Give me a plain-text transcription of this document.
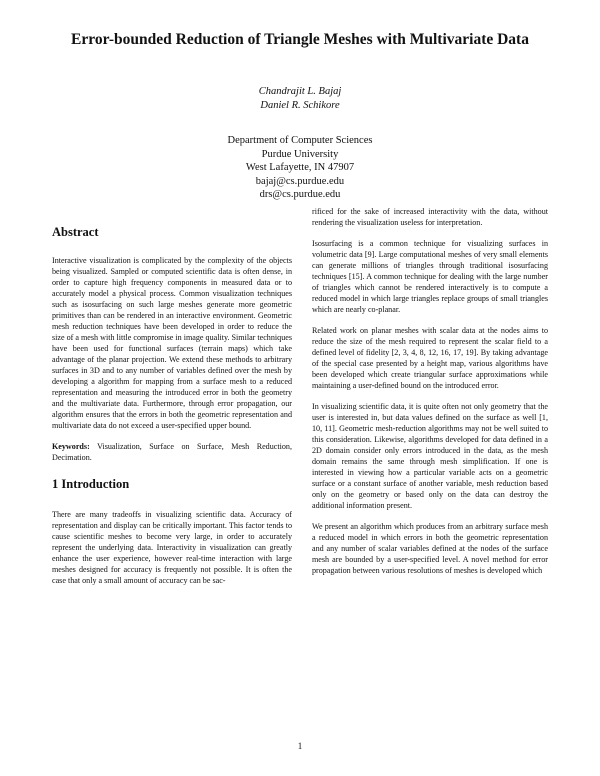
Error-bounded Reduction of Triangle Meshes with Multivariate Data
Chandrajit L. Bajaj
Daniel R. Schikore
Department of Computer Sciences
Purdue University
West Lafayette, IN 47907
bajaj@cs.purdue.edu
drs@cs.purdue.edu
Abstract

Interactive visualization is complicated by the complexity of the objects being visualized. Sampled or computed scientific data is often dense, in order to capture high frequency components in measured data or to accurately model a physical process. Common visualization techniques such as isosurfacing on such large meshes generate more geometric primitives than can be rendered in an interactive environment. Geometric mesh reduction techniques have been developed in order to reduce the size of a mesh with little compromise in image quality. Similar techniques have been used for functional surfaces (terrain maps) which take advantage of the planar projection. We extend these methods to arbitrary surfaces in 3D and to any number of variables defined over the mesh by developing a algorithm for mapping from a surface mesh to a reduced representation and measuring the introduced error in both the geometry and the multivariate data. Furthermore, through error propagation, our algorithm ensures that the errors in both the geometric representation and multivariate data do not exceed a user-specified upper bound.

Keywords: Visualization, Surface on Surface, Mesh Reduction, Decimation.

1 Introduction

There are many tradeoffs in visualizing scientific data. Accuracy of representation and display can be critically important. This factor tends to cause scientific meshes to become very large, in order to accurately represent the underlying data. Interactivity in visualization can greatly enhance the user experience, however real-time interaction with large meshes designed for accuracy is frequently not possible. It is often the case that only a small amount of accuracy can be sac-

rificed for the sake of increased interactivity with the data, without rendering the visualization useless for interpretation.

Isosurfacing is a common technique for visualizing surfaces in volumetric data [9]. Large computational meshes of very small elements can generate millions of triangles through traditional isosurfacing techniques [15]. A common technique for dealing with the large number of triangles which cannot be rendered interactively is to compute a reduced model in which large triangles replace groups of small triangles which are nearly co-planar.

Related work on planar meshes with scalar data at the nodes aims to reduce the size of the mesh required to represent the scalar field to a defined level of fidelity [2, 3, 4, 8, 12, 16, 17, 19]. By taking advantage of the special case presented by a height map, various algorithms have been developed which create triangular surface approximations while maintaining a user-defined bound on the introduced error.

In visualizing scientific data, it is quite often not only geometry that the user is interested in, but data values defined on the surface as well [1, 10, 11]. Geometric mesh-reduction algorithms may not be well suited to this consideration. Likewise, algorithms developed for data defined in a 2D domain consider only errors introduced in the data, as the mesh domain remains the same through mesh simplification. If one is interested in viewing how a particular variable acts on a geometric surface or a constant surface of another variable, mesh reduction based only on the geometry or based only on the data can destroy the additional information present.

We present an algorithm which produces from an arbitrary surface mesh a reduced model in which errors in both the geometric representation and any number of scalar variables defined at the nodes of the surface mesh are bounded by a user-specified level. A novel method for error propagation between various resolutions of meshes is developed which

1
